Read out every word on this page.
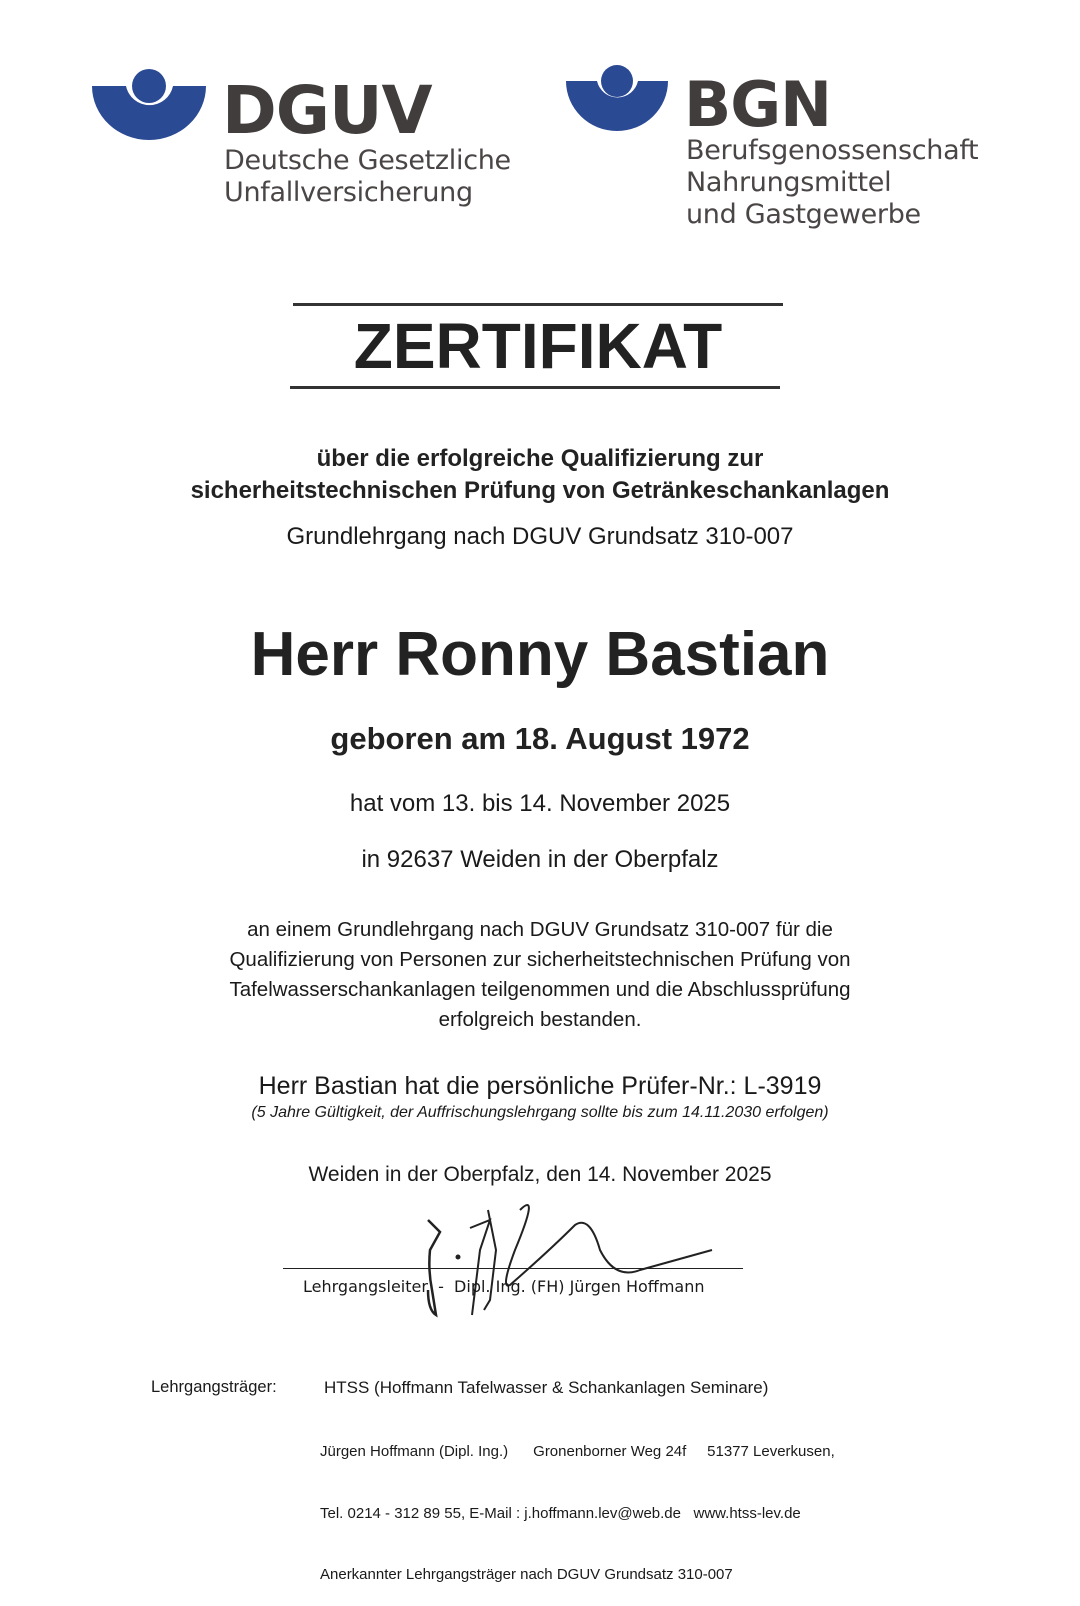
DGUV
Deutsche Gesetzliche
Unfallversicherung
BGN
Berufsgenossenschaft
Nahrungsmittel
und Gastgewerbe
ZERTIFIKAT
über die erfolgreiche Qualifizierung zur
sicherheitstechnischen Prüfung von Getränkeschankanlagen
Grundlehrgang nach DGUV Grundsatz 310-007
Herr Ronny Bastian
geboren am 18. August 1972
hat vom 13. bis 14. November 2025
in 92637 Weiden in der Oberpfalz
an einem Grundlehrgang nach DGUV Grundsatz 310-007 für die
Qualifizierung von Personen zur sicherheitstechnischen Prüfung von
Tafelwasserschankanlagen teilgenommen und die Abschlussprüfung
erfolgreich bestanden.
Herr Bastian hat die persönliche Prüfer-Nr.: L-3919
(5 Jahre Gültigkeit, der Auffrischungslehrgang sollte bis zum 14.11.2030 erfolgen)
Weiden in der Oberpfalz, den 14. November 2025
Lehrgangsleiter  -  Dipl. Ing. (FH) Jürgen Hoffmann
Lehrgangsträger:	HTSS (Hoffmann Tafelwasser & Schankanlagen Seminare)

Jürgen Hoffmann (Dipl. Ing.)      Gronenborner Weg 24f     51377 Leverkusen,

Tel. 0214 - 312 89 55, E-Mail : j.hoffmann.lev@web.de   www.htss-lev.de

Anerkannter Lehrgangsträger nach DGUV Grundsatz 310-007
